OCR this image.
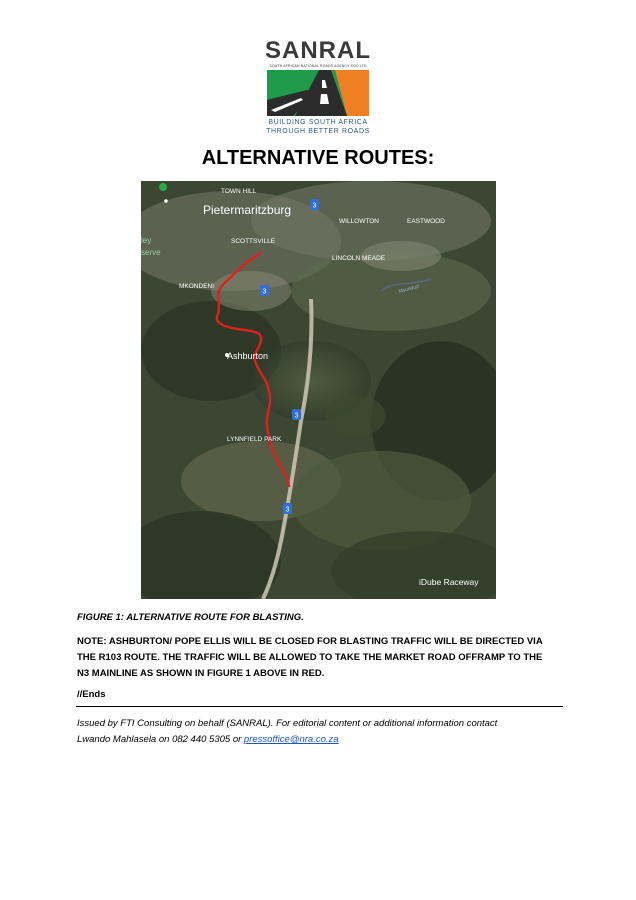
SANRAL
SOUTH AFRICAN NATIONAL ROADS AGENCY SOC LTD
BUILDING SOUTH AFRICA
THROUGH BETTER ROADS
ALTERNATIVE ROUTES:
3
3
3
3
TOWN HILL
Pietermaritzburg
WILLOWTON	EASTWOOD
SCOTTSVILLE
LINCOLN MEADE
MKONDENI
Ashburton
LYNNFIELD PARK
iDube Raceway
Msunduzi
ley
serve
FIGURE 1: ALTERNATIVE ROUTE FOR BLASTING.
NOTE: ASHBURTON/ POPE ELLIS WILL BE CLOSED FOR BLASTING TRAFFIC WILL BE DIRECTED VIA
THE R103 ROUTE. THE TRAFFIC WILL BE ALLOWED TO TAKE THE MARKET ROAD OFFRAMP TO THE
N3 MAINLINE AS SHOWN IN FIGURE 1 ABOVE IN RED.
//Ends
Issued by FTI Consulting on behalf (SANRAL). For editorial content or additional information contact
Lwando Mahlasela on 082 440 5305 or pressoffice@nra.co.za
